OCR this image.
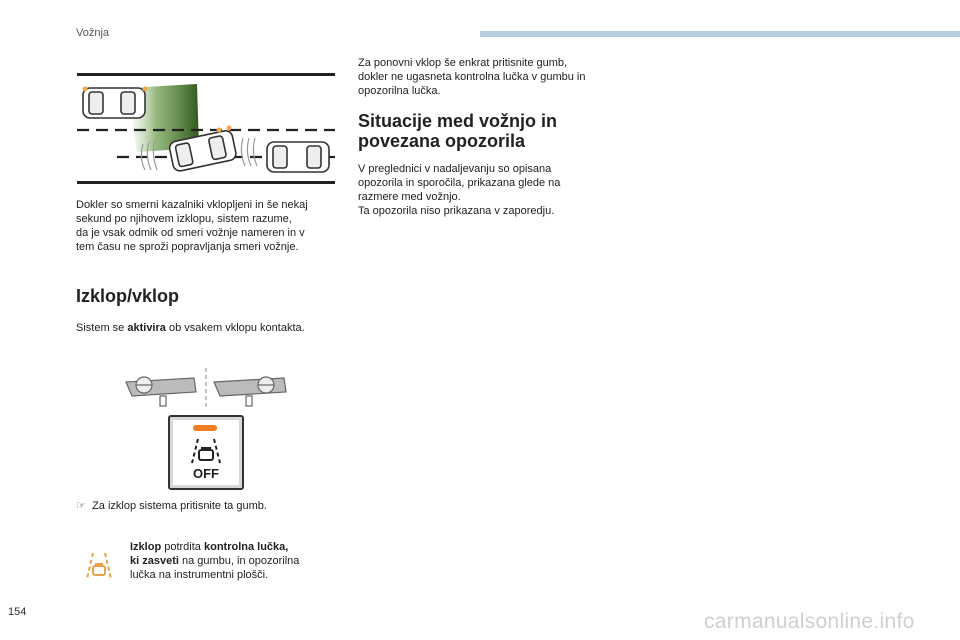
Vožnja
Dokler so smerni kazalniki vklopljeni in še nekaj
sekund po njihovem izklopu, sistem razume,
da je vsak odmik od smeri vožnje nameren in v
tem času ne sproži popravljanja smeri vožnje.
Izklop/vklop
Sistem se aktivira ob vsakem vklopu kontakta.
OFF
☞ Za izklop sistema pritisnite ta gumb.
Izklop potrdita kontrolna lučka,
ki zasveti na gumbu, in opozorilna
lučka na instrumentni plošči.
Za ponovni vklop še enkrat pritisnite gumb,
dokler ne ugasneta kontrolna lučka v gumbu in
opozorilna lučka.
Situacije med vožnjo in
povezana opozorila
V preglednici v nadaljevanju so opisana
opozorila in sporočila, prikazana glede na
razmere med vožnjo.
Ta opozorila niso prikazana v zaporedju.
154	carmanualsonline.info
